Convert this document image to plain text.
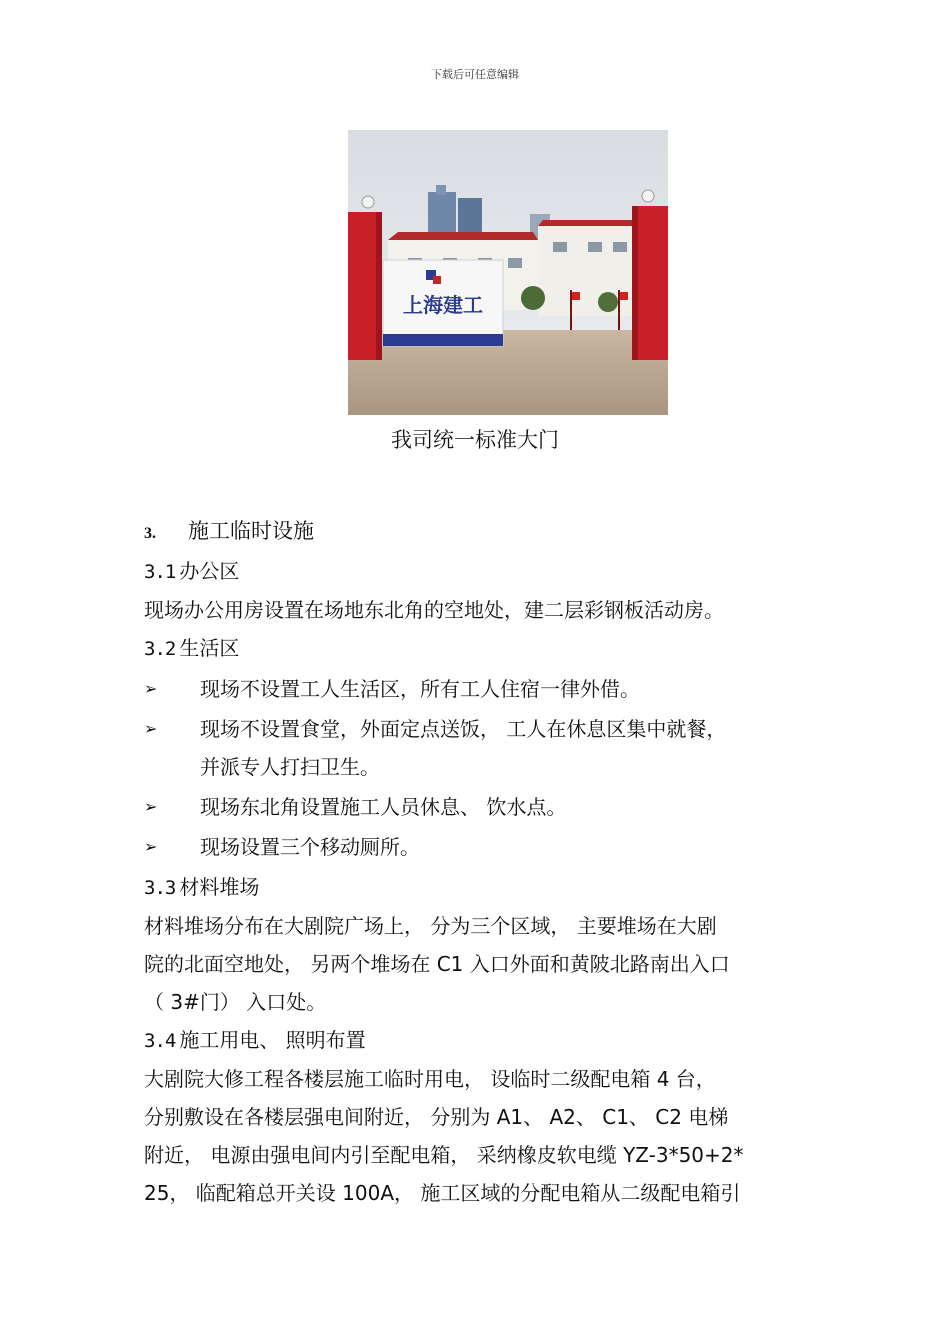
下载后可任意编辑
上海建工
我司统一标准大门
3. 施工临时设施
3.1 办公区
现场办公用房设置在场地东北角的空地处，建二层彩钢板活动房。
3.2 生活区
➢ 现场不设置工人生活区，所有工人住宿一律外借。
➢ 现场不设置食堂，外面定点送饭， 工人在休息区集中就餐，
并派专人打扫卫生。
➢ 现场东北角设置施工人员休息、 饮水点。
➢ 现场设置三个移动厕所。
3.3 材料堆场
材料堆场分布在大剧院广场上， 分为三个区域， 主要堆场在大剧
院的北面空地处， 另两个堆场在 C1 入口外面和黄陂北路南出入口
（ 3#门） 入口处。
3.4 施工用电、 照明布置
大剧院大修工程各楼层施工临时用电， 设临时二级配电箱 4 台，
分别敷设在各楼层强电间附近， 分别为 A1、 A2、 C1、 C2 电梯
附近， 电源由强电间内引至配电箱， 采纳橡皮软电缆 YZ-3*50+2*
25， 临配箱总开关设 100A， 施工区域的分配电箱从二级配电箱引
